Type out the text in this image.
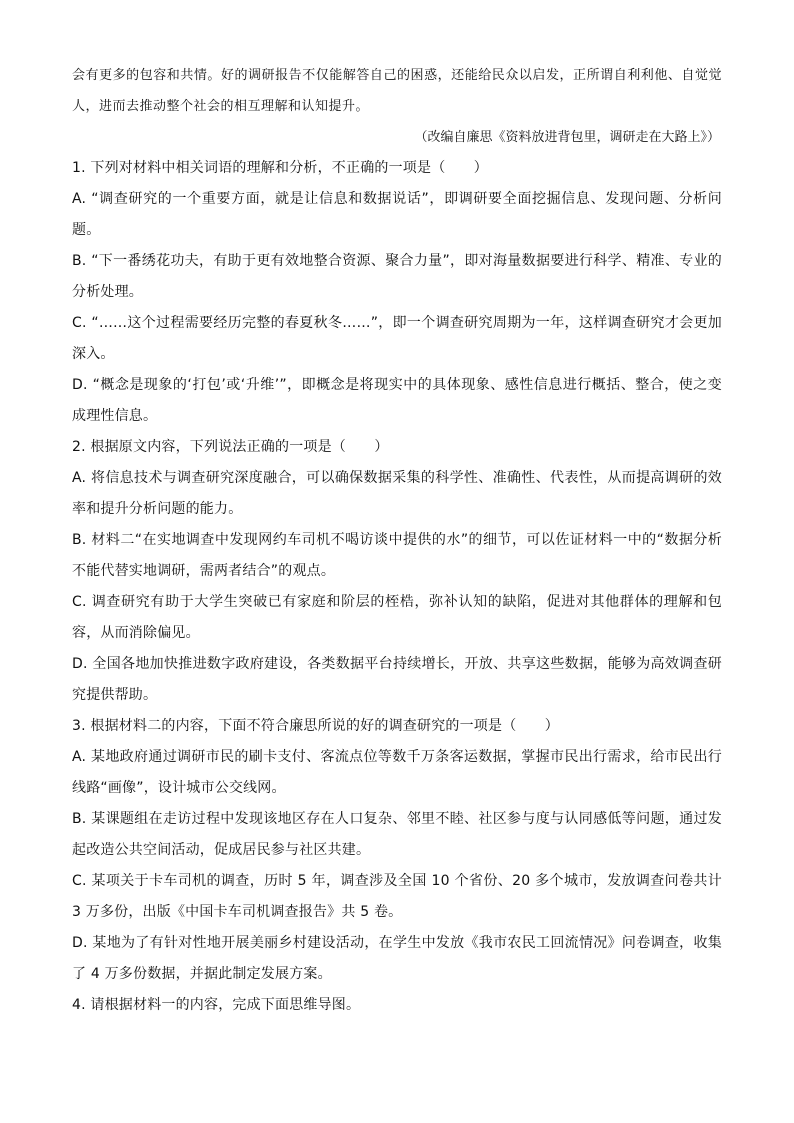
会有更多的包容和共情。好的调研报告不仅能解答自己的困惑，还能给民众以启发，正所谓自利利他、自觉觉人，进而去推动整个社会的相互理解和认知提升。
（改编自廉思《资料放进背包里，调研走在大路上》）
1. 下列对材料中相关词语的理解和分析，不正确的一项是（　　）
A. “调查研究的一个重要方面，就是让信息和数据说话”，即调研要全面挖掘信息、发现问题、分析问题。
B. “下一番绣花功夫，有助于更有效地整合资源、聚合力量”，即对海量数据要进行科学、精准、专业的分析处理。
C. “……这个过程需要经历完整的春夏秋冬……”，即一个调查研究周期为一年，这样调查研究才会更加深入。
D. “概念是现象的‘打包’或‘升维’”，即概念是将现实中的具体现象、感性信息进行概括、整合，使之变成理性信息。
2. 根据原文内容，下列说法正确的一项是（　　）
A. 将信息技术与调查研究深度融合，可以确保数据采集的科学性、准确性、代表性，从而提高调研的效率和提升分析问题的能力。
B. 材料二“在实地调查中发现网约车司机不喝访谈中提供的水”的细节，可以佐证材料一中的“数据分析不能代替实地调研，需两者结合”的观点。
C. 调查研究有助于大学生突破已有家庭和阶层的桎梏，弥补认知的缺陷，促进对其他群体的理解和包容，从而消除偏见。
D. 全国各地加快推进数字政府建设，各类数据平台持续增长，开放、共享这些数据，能够为高效调查研究提供帮助。
3. 根据材料二的内容，下面不符合廉思所说的好的调查研究的一项是（　　）
A. 某地政府通过调研市民的刷卡支付、客流点位等数千万条客运数据，掌握市民出行需求，给市民出行线路“画像”，设计城市公交线网。
B. 某课题组在走访过程中发现该地区存在人口复杂、邻里不睦、社区参与度与认同感低等问题，通过发起改造公共空间活动，促成居民参与社区共建。
C. 某项关于卡车司机的调查，历时 5 年，调查涉及全国 10 个省份、20 多个城市，发放调查问卷共计 3 万多份，出版《中国卡车司机调查报告》共 5 卷。
D. 某地为了有针对性地开展美丽乡村建设活动，在学生中发放《我市农民工回流情况》问卷调查，收集了 4 万多份数据，并据此制定发展方案。
4. 请根据材料一的内容，完成下面思维导图。
